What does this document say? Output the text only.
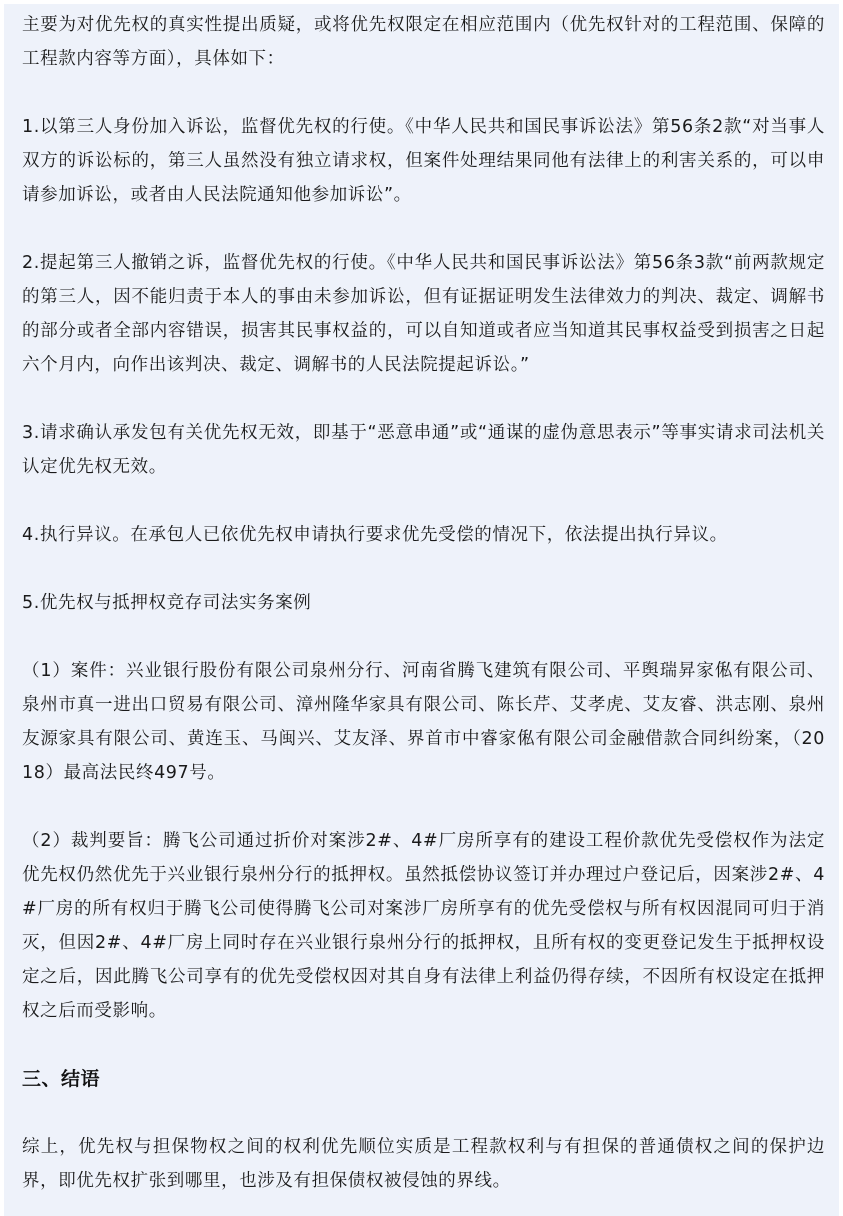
主要为对优先权的真实性提出质疑，或将优先权限定在相应范围内（优先权针对的工程范围、保障的工程款内容等方面），具体如下：

1.以第三人身份加入诉讼，监督优先权的行使。《中华人民共和国民事诉讼法》第56条2款“对当事人双方的诉讼标的，第三人虽然没有独立请求权，但案件处理结果同他有法律上的利害关系的，可以申请参加诉讼，或者由人民法院通知他参加诉讼”。

2.提起第三人撤销之诉，监督优先权的行使。《中华人民共和国民事诉讼法》第56条3款“前两款规定的第三人，因不能归责于本人的事由未参加诉讼，但有证据证明发生法律效力的判决、裁定、调解书的部分或者全部内容错误，损害其民事权益的，可以自知道或者应当知道其民事权益受到损害之日起六个月内，向作出该判决、裁定、调解书的人民法院提起诉讼。”

3.请求确认承发包有关优先权无效，即基于“恶意串通”或“通谋的虚伪意思表示”等事实请求司法机关认定优先权无效。

4.执行异议。在承包人已依优先权申请执行要求优先受偿的情况下，依法提出执行异议。

5.优先权与抵押权竞存司法实务案例

（1）案件：兴业银行股份有限公司泉州分行、河南省腾飞建筑有限公司、平舆瑞昇家俬有限公司、泉州市真一进出口贸易有限公司、漳州隆华家具有限公司、陈长芹、艾孝虎、艾友睿、洪志刚、泉州友源家具有限公司、黄连玉、马闽兴、艾友泽、界首市中睿家俬有限公司金融借款合同纠纷案，（2018）最高法民终497号。

（2）裁判要旨：腾飞公司通过折价对案涉2#、4#厂房所享有的建设工程价款优先受偿权作为法定优先权仍然优先于兴业银行泉州分行的抵押权。虽然抵偿协议签订并办理过户登记后，因案涉2#、4#厂房的所有权归于腾飞公司使得腾飞公司对案涉厂房所享有的优先受偿权与所有权因混同可归于消灭，但因2#、4#厂房上同时存在兴业银行泉州分行的抵押权，且所有权的变更登记发生于抵押权设定之后，因此腾飞公司享有的优先受偿权因对其自身有法律上利益仍得存续，不因所有权设定在抵押权之后而受影响。

三、结语

综上，优先权与担保物权之间的权利优先顺位实质是工程款权利与有担保的普通债权之间的保护边界，即优先权扩张到哪里，也涉及有担保债权被侵蚀的界线。
